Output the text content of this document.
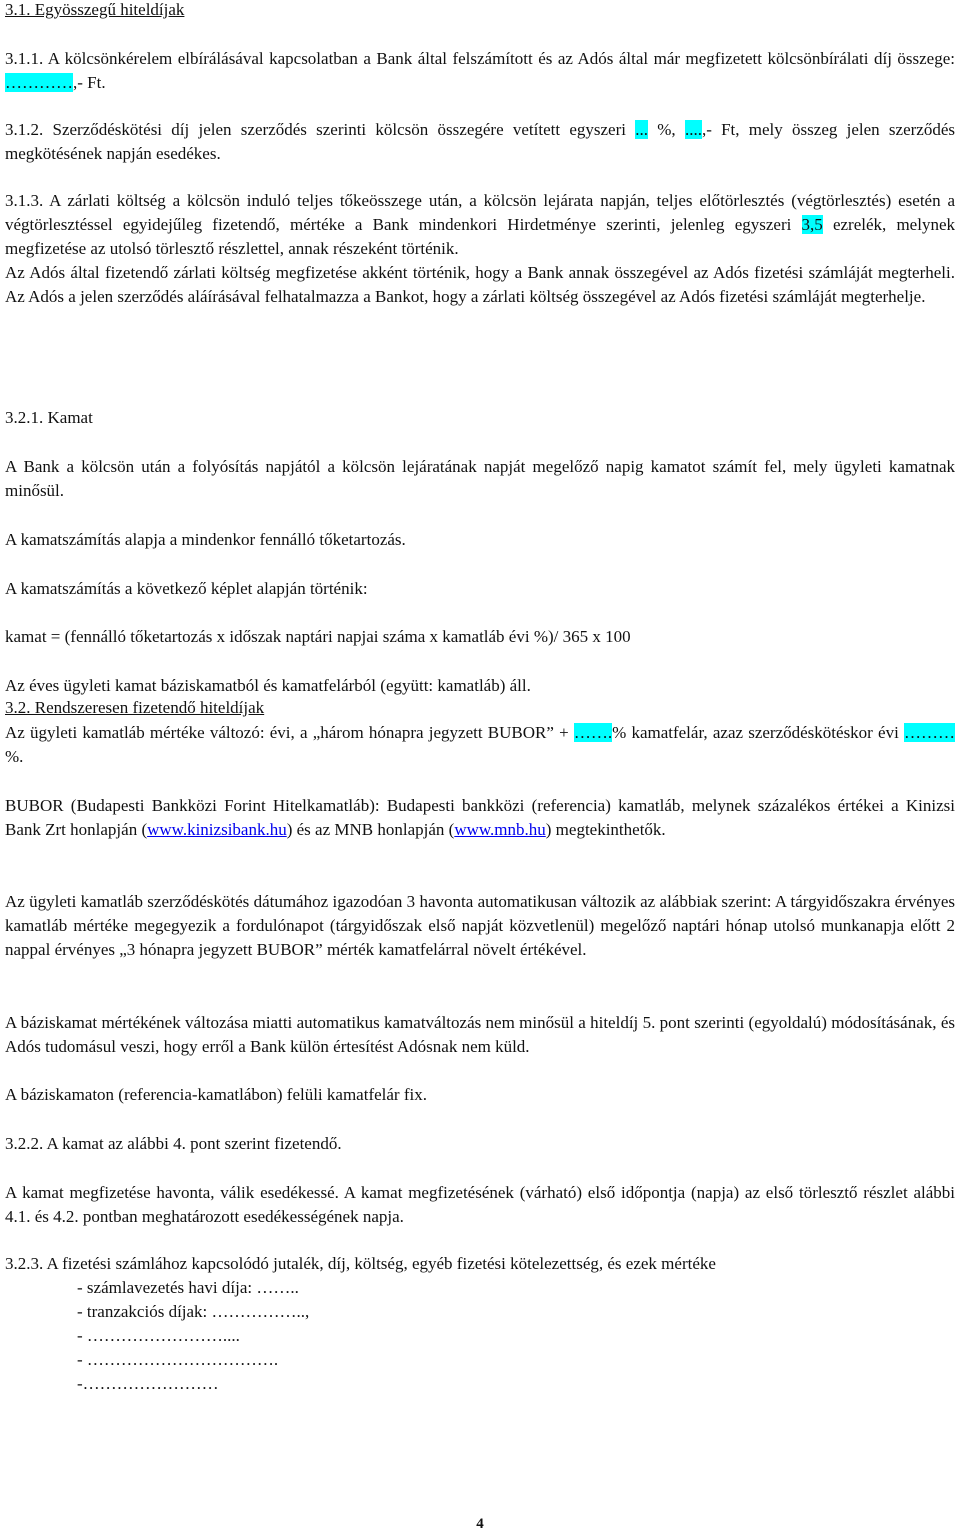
3.1. Egyösszegű hiteldíjak
3.1.1. A kölcsönkérelem elbírálásával kapcsolatban a Bank által felszámított és az Adós által már megfizetett kölcsönbírálati díj összege: …………,- Ft.
3.1.2. Szerződéskötési díj jelen szerződés szerinti kölcsön összegére vetített egyszeri ... %, ....,- Ft, mely összeg jelen szerződés megkötésének napján esedékes.
3.1.3. A zárlati költség a kölcsön induló teljes tőkeösszege után, a kölcsön lejárata napján, teljes előtörlesztés (végtörlesztés) esetén a végtörlesztéssel egyidejűleg fizetendő, mértéke a Bank mindenkori Hirdetménye szerinti, jelenleg egyszeri 3,5 ezrelék, melynek megfizetése az utolsó törlesztő részlettel, annak részeként történik.
Az Adós által fizetendő zárlati költség megfizetése akként történik, hogy a Bank annak összegével az Adós fizetési számláját megterheli. Az Adós a jelen szerződés aláírásával felhatalmazza a Bankot, hogy a zárlati költség összegével az Adós fizetési számláját megterhelje.
3.2. Rendszeresen fizetendő hiteldíjak
3.2.1. Kamat
A Bank a kölcsön után a folyósítás napjától a kölcsön lejáratának napját megelőző napig kamatot számít fel, mely ügyleti kamatnak minősül.
A kamatszámítás alapja a mindenkor fennálló tőketartozás.
A kamatszámítás a következő képlet alapján történik:
kamat = (fennálló tőketartozás x időszak naptári napjai száma x kamatláb évi %)/ 365 x 100
Az éves ügyleti kamat báziskamatból és kamatfelárból (együtt: kamatláb) áll.
Az ügyleti kamatláb mértéke változó: évi, a „három hónapra jegyzett BUBOR” + …….% kamatfelár, azaz szerződéskötéskor évi ………%.
BUBOR (Budapesti Bankközi Forint Hitelkamatláb): Budapesti bankközi (referencia) kamatláb, melynek százalékos értékei a Kinizsi Bank Zrt honlapján (www.kinizsibank.hu) és az MNB honlapján (www.mnb.hu) megtekinthetők.
Az ügyleti kamatláb szerződéskötés dátumához igazodóan 3 havonta automatikusan változik az alábbiak szerint: A tárgyidőszakra érvényes kamatláb mértéke megegyezik a fordulónapot (tárgyidőszak első napját közvetlenül) megelőző naptári hónap utolsó munkanapja előtt 2 nappal érvényes „3 hónapra jegyzett BUBOR” mérték kamatfelárral növelt értékével.
A báziskamat mértékének változása miatti automatikus kamatváltozás nem minősül a hiteldíj 5. pont szerinti (egyoldalú) módosításának, és Adós tudomásul veszi, hogy erről a Bank külön értesítést Adósnak nem küld.
A báziskamaton (referencia-kamatlábon) felüli kamatfelár fix.
3.2.2. A kamat az alábbi 4. pont szerint fizetendő.
A kamat megfizetése havonta, válik esedékessé. A kamat megfizetésének (várható) első időpontja (napja) az első törlesztő részlet alábbi 4.1. és 4.2. pontban meghatározott esedékességének napja.
3.2.3. A fizetési számlához kapcsolódó jutalék, díj, költség, egyéb fizetési kötelezettség, és ezek mértéke
- számlavezetés havi díja: ……..
- tranzakciós díjak: ……………..,
- ……………………....
- …………………………….
-……………………
4
